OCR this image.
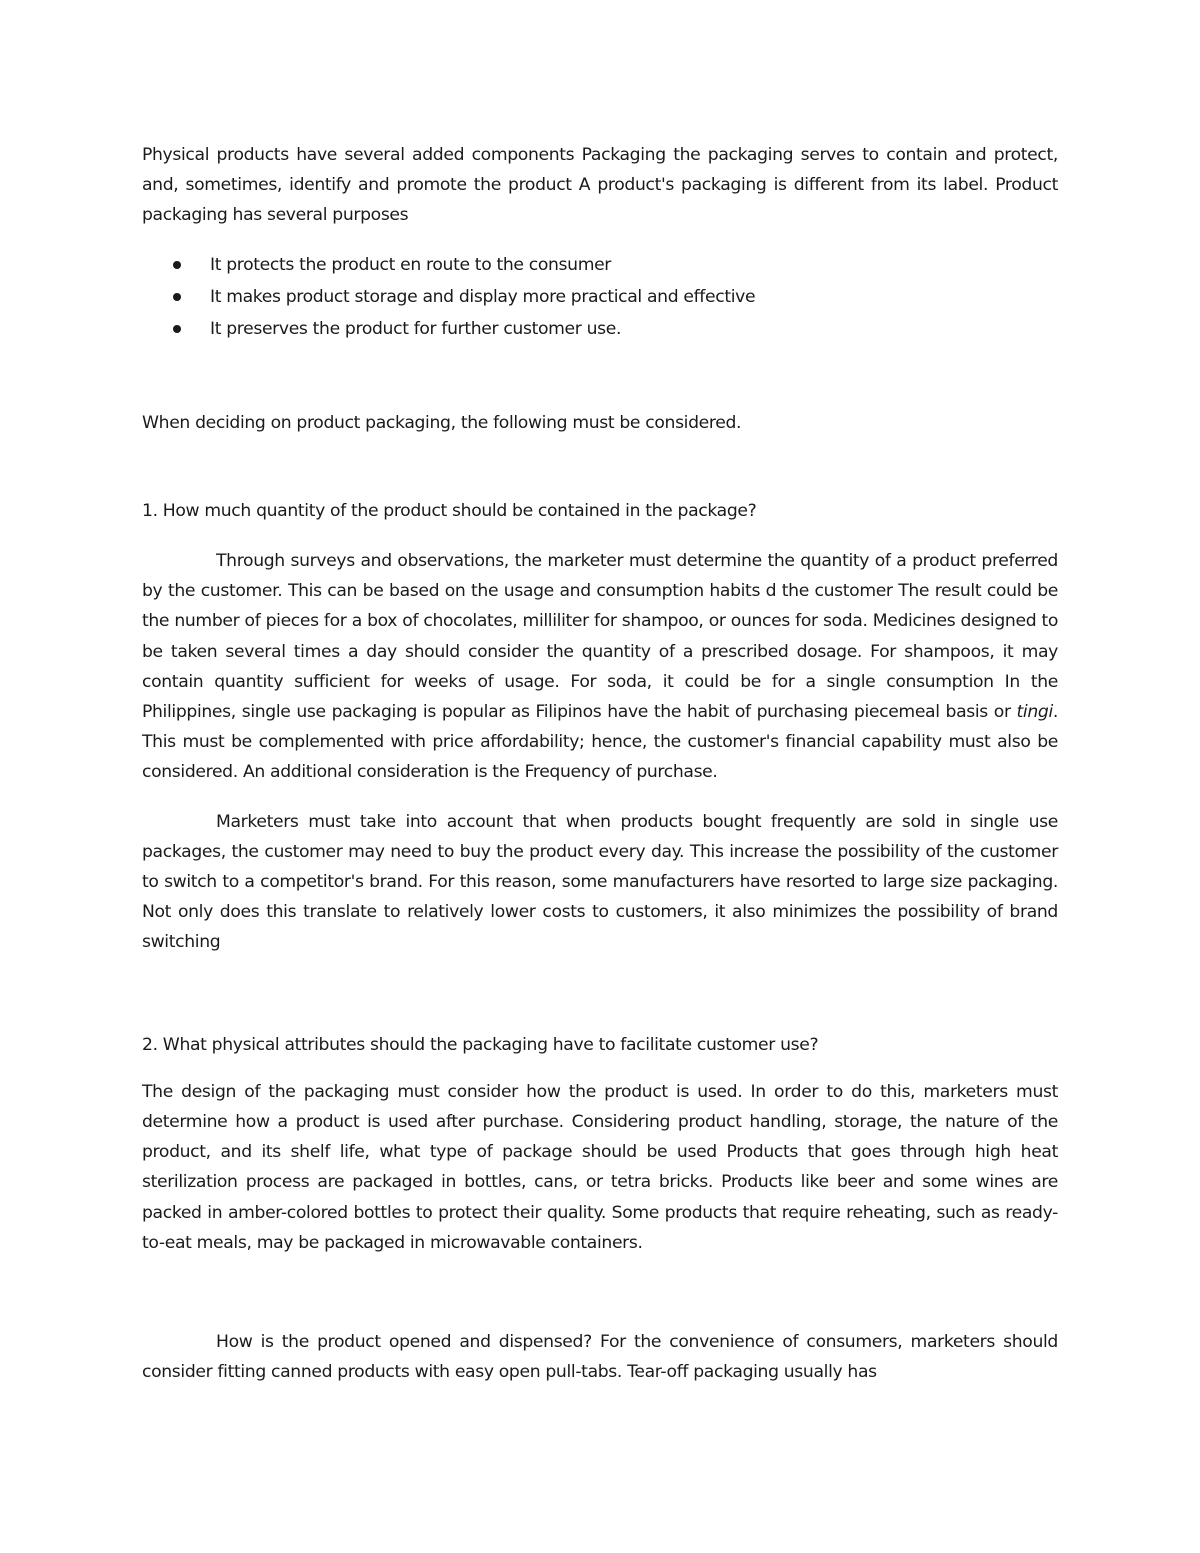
Physical products have several added components Packaging the packaging serves to contain and protect, and, sometimes, identify and promote the product A product's packaging is different from its label. Product packaging has several purposes

It protects the product en route to the consumer
It makes product storage and display more practical and effective
It preserves the product for further customer use.

When deciding on product packaging, the following must be considered.

1. How much quantity of the product should be contained in the package?

Through surveys and observations, the marketer must determine the quantity of a product preferred by the customer. This can be based on the usage and consumption habits d the customer The result could be the number of pieces for a box of chocolates, milliliter for shampoo, or ounces for soda. Medicines designed to be taken several times a day should consider the quantity of a prescribed dosage. For shampoos, it may contain quantity sufficient for weeks of usage. For soda, it could be for a single consumption In the Philippines, single use packaging is popular as Filipinos have the habit of purchasing piecemeal basis or tingi. This must be complemented with price affordability; hence, the customer's financial capability must also be considered. An additional consideration is the Frequency of purchase.

Marketers must take into account that when products bought frequently are sold in single use packages, the customer may need to buy the product every day. This increase the possibility of the customer to switch to a competitor's brand. For this reason, some manufacturers have resorted to large size packaging. Not only does this translate to relatively lower costs to customers, it also minimizes the possibility of brand switching

2. What physical attributes should the packaging have to facilitate customer use?

The design of the packaging must consider how the product is used. In order to do this, marketers must determine how a product is used after purchase. Considering product handling, storage, the nature of the product, and its shelf life, what type of package should be used Products that goes through high heat sterilization process are packaged in bottles, cans, or tetra bricks. Products like beer and some wines are packed in amber-colored bottles to protect their quality. Some products that require reheating, such as ready-to-eat meals, may be packaged in microwavable containers.

How is the product opened and dispensed? For the convenience of consumers, marketers should consider fitting canned products with easy open pull-tabs. Tear-off packaging usually has
